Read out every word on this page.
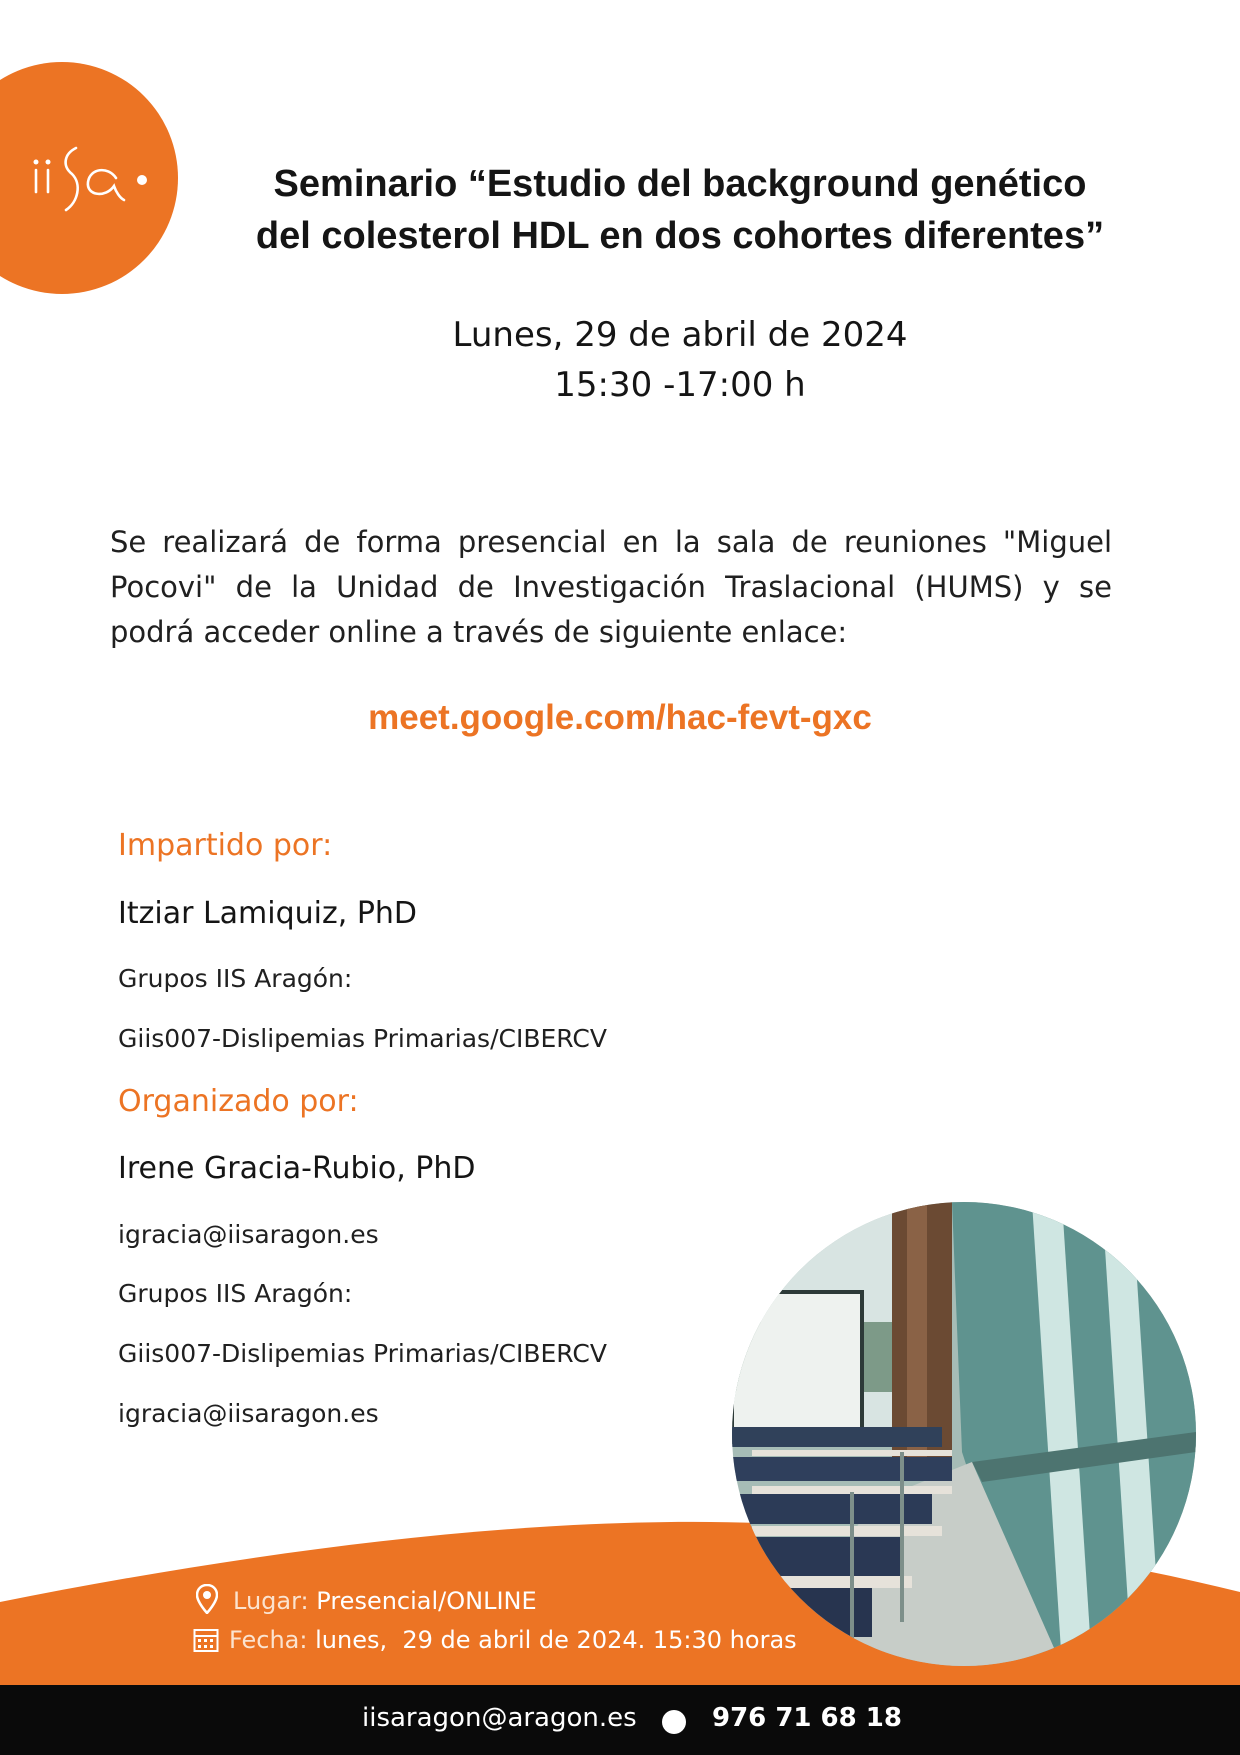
Seminario “Estudio del background genético
del colesterol HDL en dos cohortes diferentes”
Lunes, 29 de abril de 2024
15:30 -17:00 h
Se realizará de forma presencial en la sala de reuniones "Miguel Pocovi" de la Unidad de Investigación Traslacional (HUMS) y se podrá acceder online a través de siguiente enlace:
meet.google.com/hac-fevt-gxc
Impartido por:
Itziar Lamiquiz, PhD
Grupos IIS Aragón:
Giis007-Dislipemias Primarias/CIBERCV
Organizado por:
Irene Gracia-Rubio, PhD
igracia@iisaragon.es
Grupos IIS Aragón:
Giis007-Dislipemias Primarias/CIBERCV
igracia@iisaragon.es
Lugar: Presencial/ONLINE
Fecha: lunes,  29 de abril de 2024. 15:30 horas
iisaragon@aragon.es	976 71 68 18
